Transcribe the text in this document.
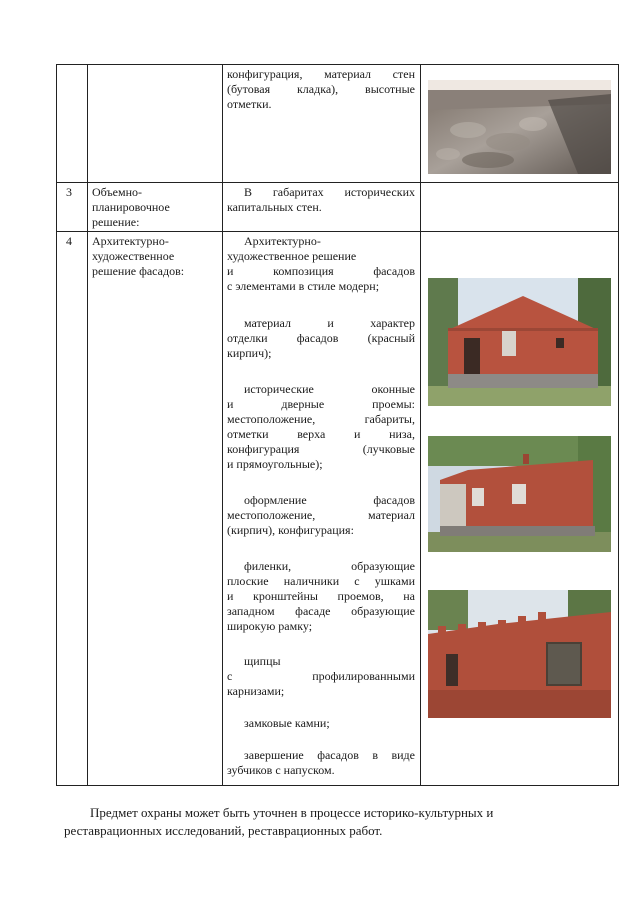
конфигурация, материал стен

(бутовая кладка), высотные

отметки.

3 Объемно-

планировочное

решение:

В габаритах исторических

капитальных стен.

4 Архитектурно-

художественное

решение фасадов:

Архитектурно-

художественное решение

и композиция фасадов

с элементами в стиле модерн;

материал и характер

отделки фасадов (красный

кирпич);

исторические оконные

и дверные проемы:

местоположение, габариты,

отметки верха и низа,

конфигурация (лучковые

и прямоугольные);

оформление фасадов

местоположение, материал

(кирпич), конфигурация:

филенки, образующие

плоские наличники с ушками

и кронштейны проемов, на

западном фасаде образующие

широкую рамку;

щипцы

с профилированными

карнизами;

замковые камни;

завершение фасадов в виде

зубчиков с напуском.

Предмет охраны может быть уточнен в процессе историко-культурных и
реставрационных исследований, реставрационных работ.
